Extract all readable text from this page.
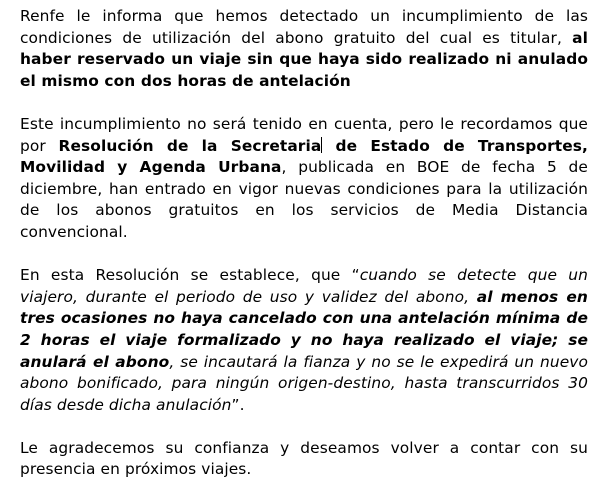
Renfe le informa que hemos detectado un incumplimiento de las condiciones de utilización del abono gratuito del cual es titular, al haber reservado un viaje sin que haya sido realizado ni anulado el mismo con dos horas de antelación

Este incumplimiento no será tenido en cuenta, pero le recordamos que por Resolución de la Secretaria de Estado de Transportes, Movilidad y Agenda Urbana, publicada en BOE de fecha 5 de diciembre, han entrado en vigor nuevas condiciones para la utilización de los abonos gratuitos en los servicios de Media Distancia convencional.

En esta Resolución se establece, que “cuando se detecte que un viajero, durante el periodo de uso y validez del abono, al menos en tres ocasiones no haya cancelado con una antelación mínima de 2 horas el viaje formalizado y no haya realizado el viaje; se anulará el abono, se incautará la fianza y no se le expedirá un nuevo abono bonificado, para ningún origen-destino, hasta transcurridos 30 días desde dicha anulación”.

Le agradecemos su confianza y deseamos volver a contar con su presencia en próximos viajes.
